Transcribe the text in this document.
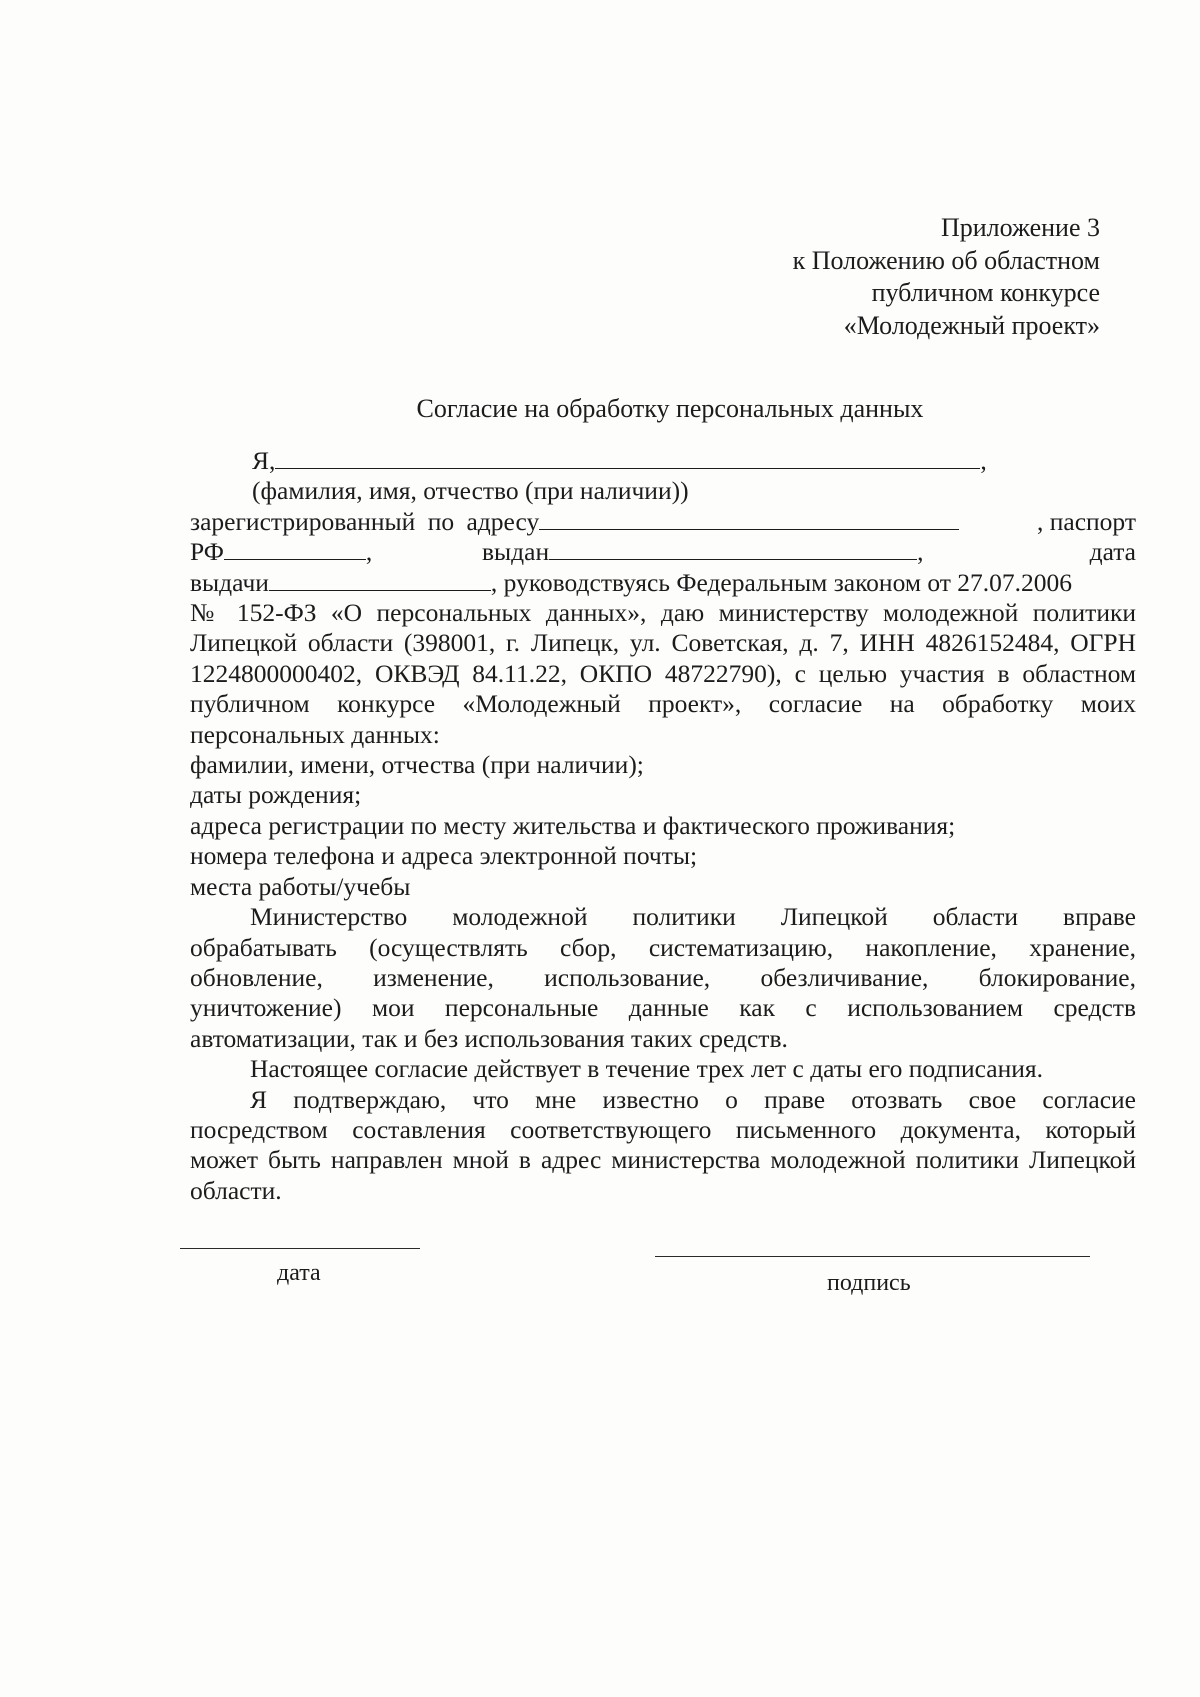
Приложение 3
к Положению об областном
публичном конкурсе
«Молодежный проект»
Согласие на обработку персональных данных
Я,	,
(фамилия, имя, отчество (при наличии))
зарегистрированный по адресу	, паспорт
РФ	,	выдан	,	дата
выдачи	, руководствуясь Федеральным законом от 27.07.2006
№ 152-ФЗ «О персональных данных», даю министерству молодежной политики
Липецкой области (398001, г. Липецк, ул. Советская, д. 7, ИНН 4826152484, ОГРН
1224800000402, ОКВЭД 84.11.22, ОКПО 48722790), с целью участия в областном
публичном конкурсе «Молодежный проект», согласие на обработку моих
персональных данных:
фамилии, имени, отчества (при наличии);
даты рождения;
адреса регистрации по месту жительства и фактического проживания;
номера телефона и адреса электронной почты;
места работы/учебы
Министерство молодежной политики Липецкой области вправе
обрабатывать (осуществлять сбор, систематизацию, накопление, хранение,
обновление, изменение, использование, обезличивание, блокирование,
уничтожение) мои персональные данные как с использованием средств
автоматизации, так и без использования таких средств.
Настоящее согласие действует в течение трех лет с даты его подписания.
Я подтверждаю, что мне известно о праве отозвать свое согласие
посредством составления соответствующего письменного документа, который
может быть направлен мной в адрес министерства молодежной политики Липецкой
области.
дата	подпись
